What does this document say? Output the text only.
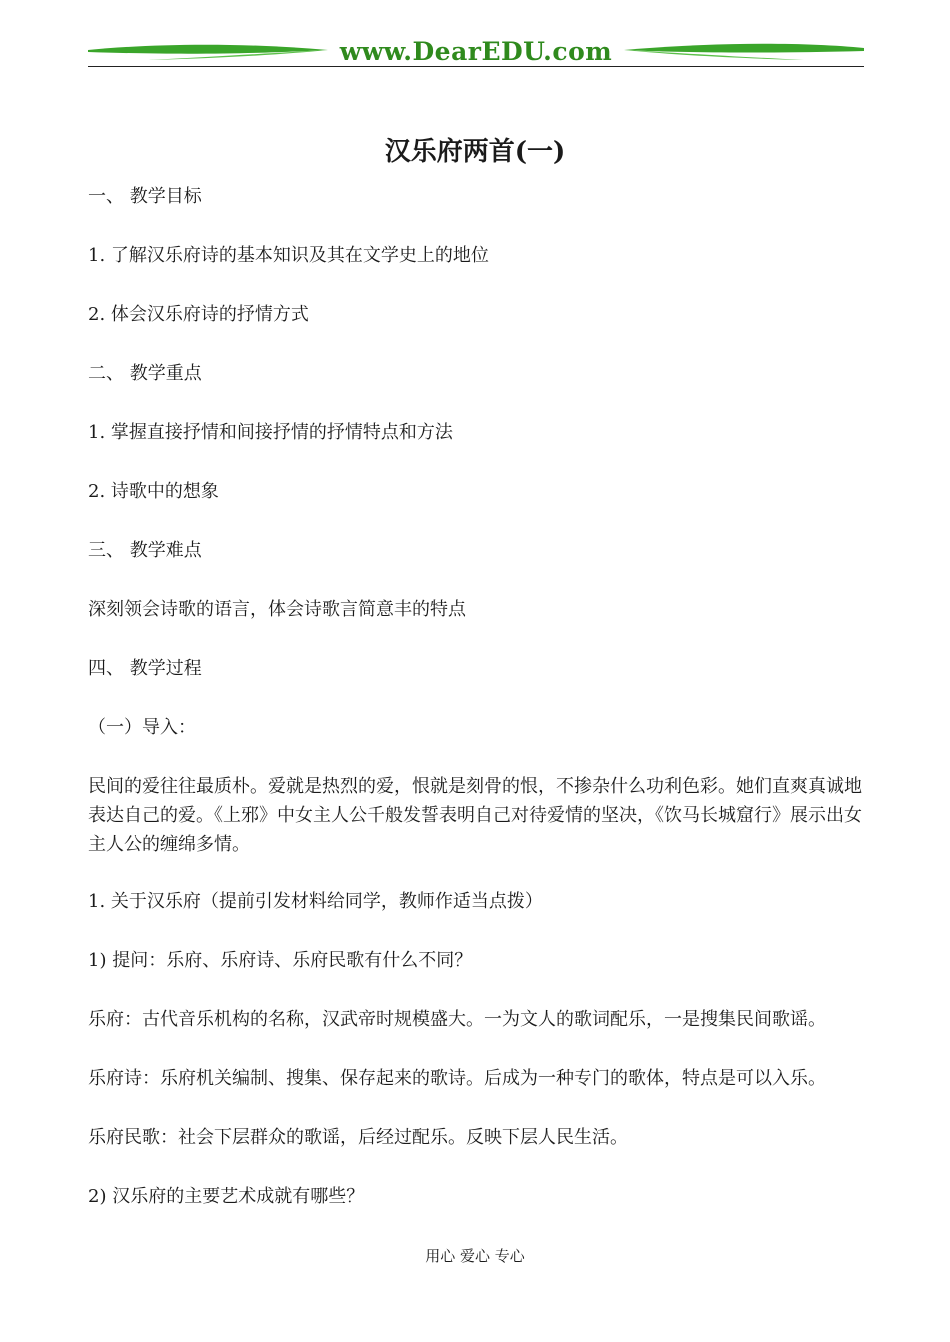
www.DearEDU.com
汉乐府两首(一)

一、 教学目标

1. 了解汉乐府诗的基本知识及其在文学史上的地位

2. 体会汉乐府诗的抒情方式

二、 教学重点

1. 掌握直接抒情和间接抒情的抒情特点和方法

2. 诗歌中的想象

三、 教学难点

深刻领会诗歌的语言，体会诗歌言简意丰的特点

四、 教学过程

（一）导入：

民间的爱往往最质朴。爱就是热烈的爱，恨就是刻骨的恨，不掺杂什么功利色彩。她们直爽真诚地表达自己的爱。《上邪》中女主人公千般发誓表明自己对待爱情的坚决，《饮马长城窟行》展示出女主人公的缠绵多情。

1. 关于汉乐府（提前引发材料给同学，教师作适当点拨）

1) 提问：乐府、乐府诗、乐府民歌有什么不同？

乐府：古代音乐机构的名称，汉武帝时规模盛大。一为文人的歌词配乐，一是搜集民间歌谣。

乐府诗：乐府机关编制、搜集、保存起来的歌诗。后成为一种专门的歌体，特点是可以入乐。

乐府民歌：社会下层群众的歌谣，后经过配乐。反映下层人民生活。

2) 汉乐府的主要艺术成就有哪些？

用心 爱心 专心
